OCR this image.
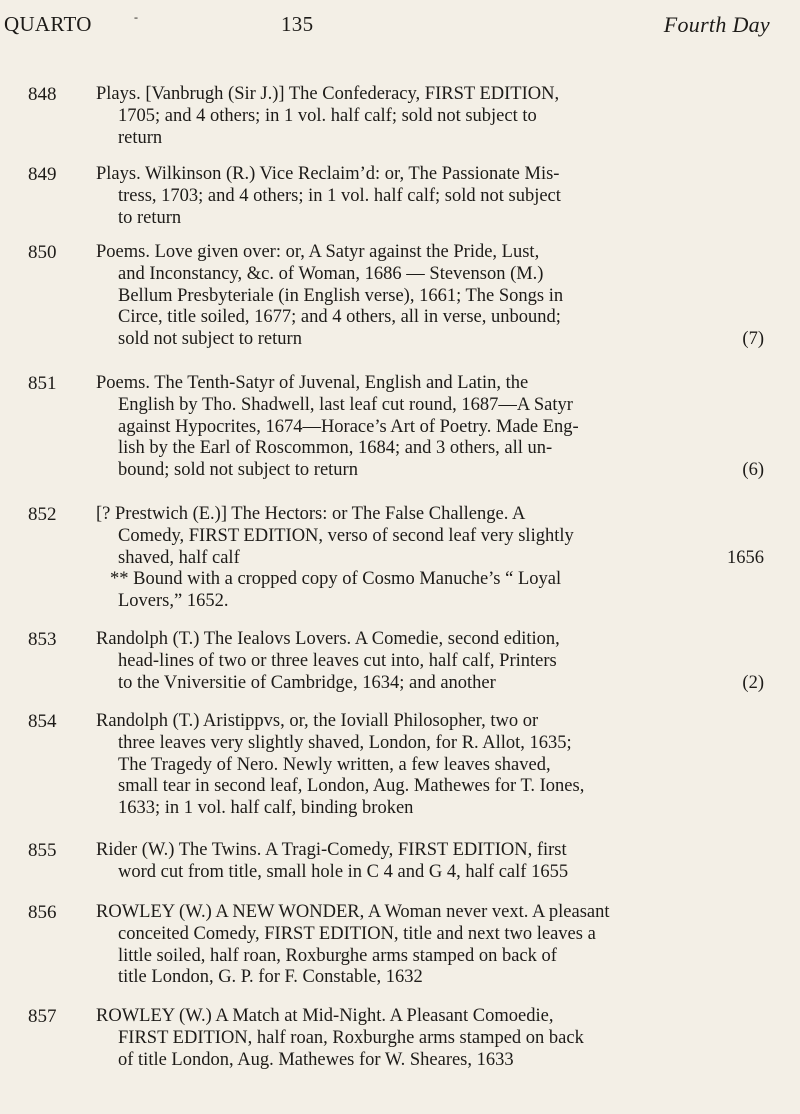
QUARTO	-	135	Fourth Day
848 Plays. [Vanbrugh (Sir J.)] The Confederacy, FIRST EDITION,
1705; and 4 others; in 1 vol. half calf; sold not subject to
return
849 Plays. Wilkinson (R.) Vice Reclaim’d: or, The Passionate Mis-
tress, 1703; and 4 others; in 1 vol. half calf; sold not subject
to return
850 Poems. Love given over: or, A Satyr against the Pride, Lust,
and Inconstancy, &c. of Woman, 1686 — Stevenson (M.)
Bellum Presbyteriale (in English verse), 1661; The Songs in
Circe, title soiled, 1677; and 4 others, all in verse, unbound;
sold not subject to return	(7)
851 Poems. The Tenth-Satyr of Juvenal, English and Latin, the
English by Tho. Shadwell, last leaf cut round, 1687—A Satyr
against Hypocrites, 1674—Horace’s Art of Poetry. Made Eng-
lish by the Earl of Roscommon, 1684; and 3 others, all un-
bound; sold not subject to return	(6)
852 [? Prestwich (E.)] The Hectors: or The False Challenge. A
Comedy, FIRST EDITION, verso of second leaf very slightly
shaved, half calf	1656
** Bound with a cropped copy of Cosmo Manuche’s “ Loyal
Lovers,” 1652.
853 Randolph (T.) The Iealovs Lovers. A Comedie, second edition,
head-lines of two or three leaves cut into, half calf, Printers
to the Vniversitie of Cambridge, 1634; and another	(2)
854 Randolph (T.) Aristippvs, or, the Ioviall Philosopher, two or
three leaves very slightly shaved, London, for R. Allot, 1635;
The Tragedy of Nero. Newly written, a few leaves shaved,
small tear in second leaf, London, Aug. Mathewes for T. Iones,
1633; in 1 vol. half calf, binding broken
855 Rider (W.) The Twins. A Tragi-Comedy, FIRST EDITION, first
word cut from title, small hole in C 4 and G 4, half calf 1655
856 ROWLEY (W.) A NEW WONDER, A Woman never vext. A pleasant
conceited Comedy, FIRST EDITION, title and next two leaves a
little soiled, half roan, Roxburghe arms stamped on back of
title London, G. P. for F. Constable, 1632
857 ROWLEY (W.) A Match at Mid-Night. A Pleasant Comoedie,
FIRST EDITION, half roan, Roxburghe arms stamped on back
of title London, Aug. Mathewes for W. Sheares, 1633
